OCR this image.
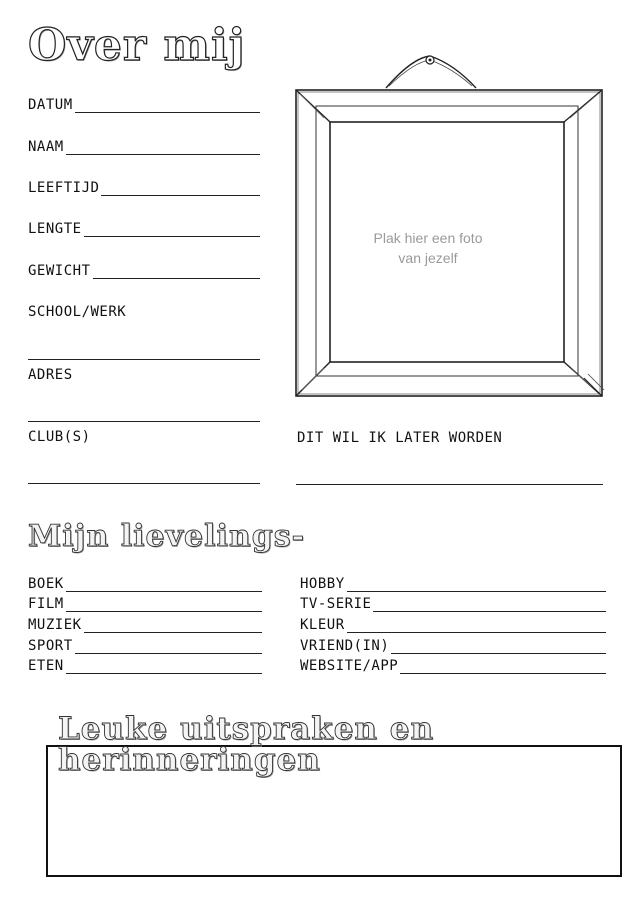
Over mij
DATUM
NAAM
LEEFTIJD
LENGTE
GEWICHT
SCHOOL/WERK
ADRES
CLUB(S)	DIT WIL IK LATER WORDEN
Plak hier een foto
van jezelf
Mijn lievelings-
BOEK
FILM
MUZIEK
SPORT
ETEN
HOBBY
TV-SERIE
KLEUR
VRIEND(IN)
WEBSITE/APP
Leuke uitspraken en herinneringen
